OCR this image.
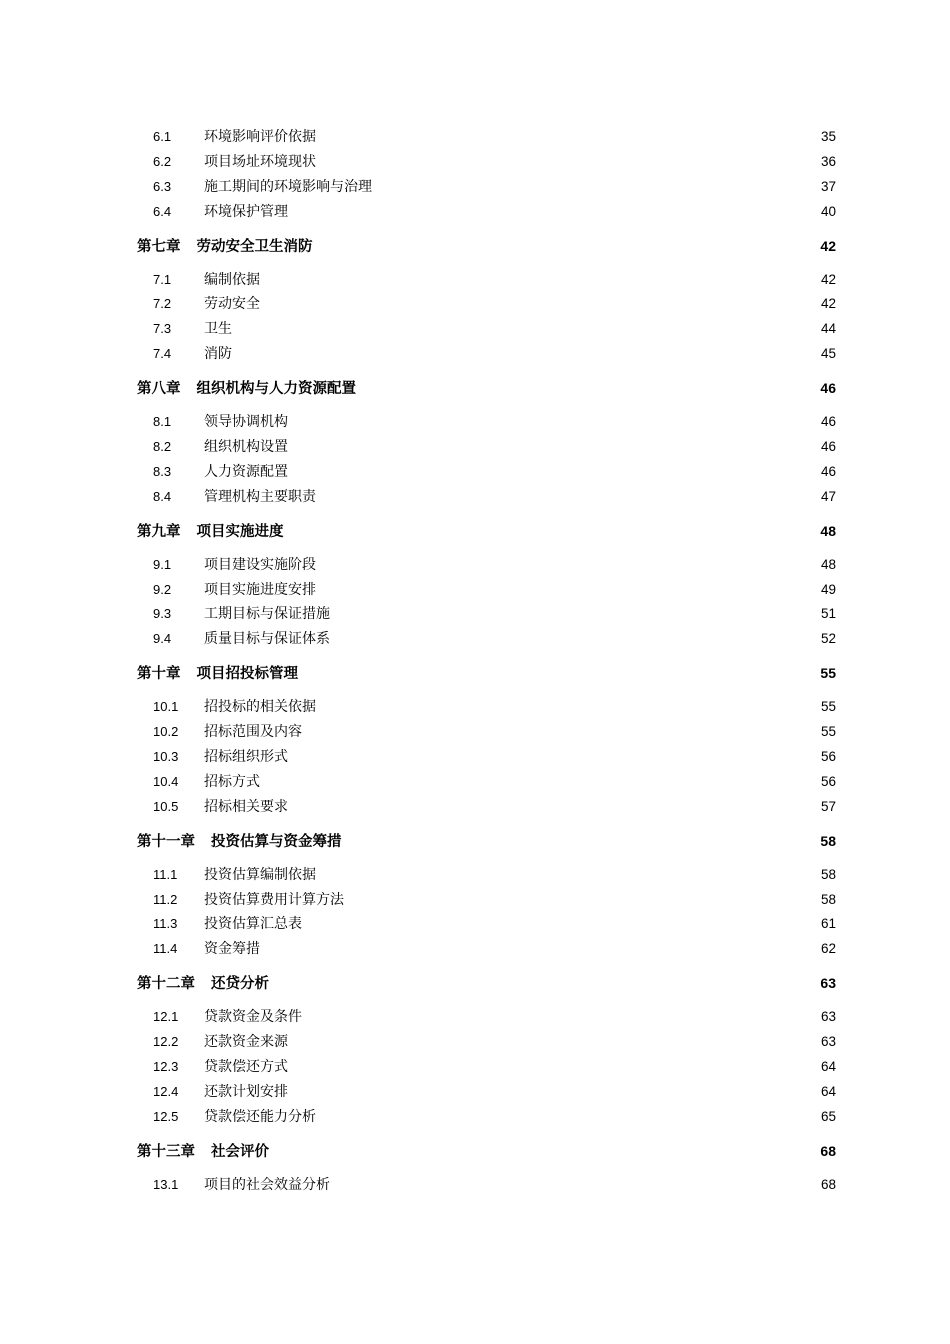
6.1	环境影响评价依据	35
6.2	项目场址环境现状	36
6.3	施工期间的环境影响与治理	37
6.4	环境保护管理	40
第七章 劳动安全卫生消防	42
7.1	编制依据	42
7.2	劳动安全	42
7.3	卫生	44
7.4	消防	45
第八章 组织机构与人力资源配置	46
8.1	领导协调机构	46
8.2	组织机构设置	46
8.3	人力资源配置	46
8.4	管理机构主要职责	47
第九章 项目实施进度	48
9.1	项目建设实施阶段	48
9.2	项目实施进度安排	49
9.3	工期目标与保证措施	51
9.4	质量目标与保证体系	52
第十章 项目招投标管理	55
10.1	招投标的相关依据	55
10.2	招标范围及内容	55
10.3	招标组织形式	56
10.4	招标方式	56
10.5	招标相关要求	57
第十一章 投资估算与资金筹措	58
11.1	投资估算编制依据	58
11.2	投资估算费用计算方法	58
11.3	投资估算汇总表	61
11.4	资金筹措	62
第十二章 还贷分析	63
12.1	贷款资金及条件	63
12.2	还款资金来源	63
12.3	贷款偿还方式	64
12.4	还款计划安排	64
12.5	贷款偿还能力分析	65
第十三章 社会评价	68
13.1	项目的社会效益分析	68
